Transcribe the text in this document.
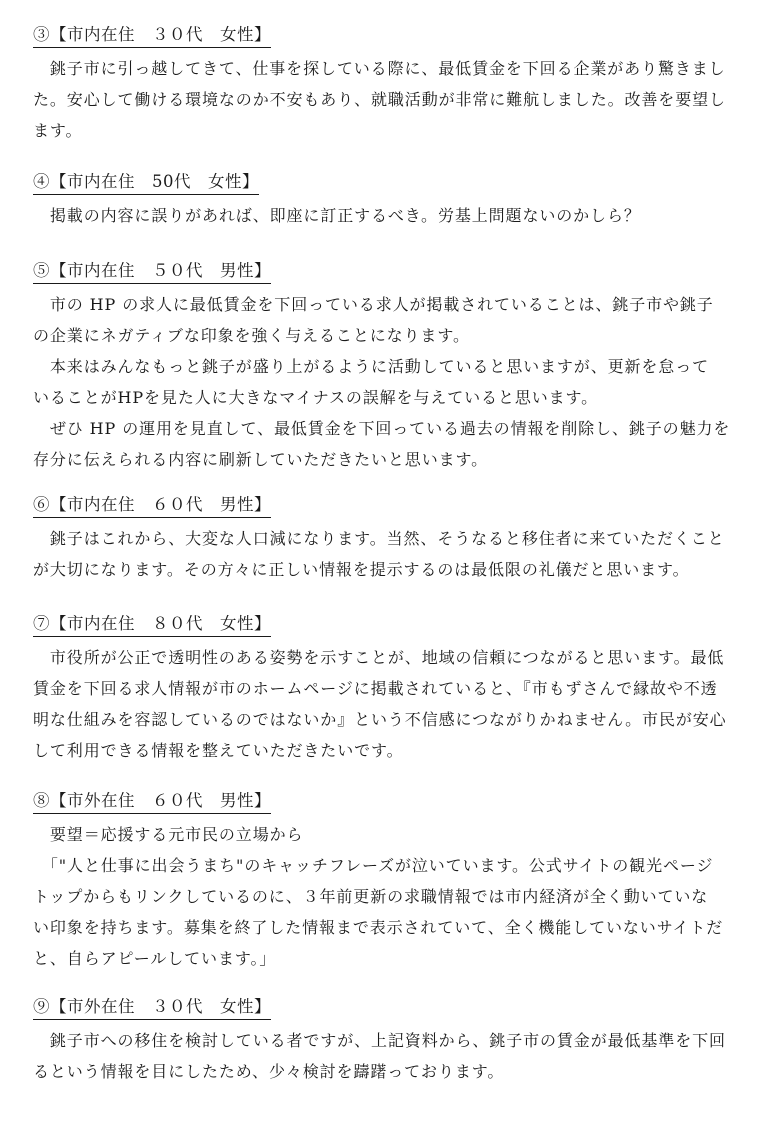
③【市内在住　３０代　女性】
　銚子市に引っ越してきて、仕事を探している際に、最低賃金を下回る企業があり驚きまし
た。安心して働ける環境なのか不安もあり、就職活動が非常に難航しました。改善を要望し
ます。
④【市内在住　50代　女性】
　掲載の内容に誤りがあれば、即座に訂正するべき。労基上問題ないのかしら？
⑤【市内在住　５０代　男性】
　市の HP の求人に最低賃金を下回っている求人が掲載されていることは、銚子市や銚子
の企業にネガティブな印象を強く与えることになります。
　本来はみんなもっと銚子が盛り上がるように活動していると思いますが、更新を怠って
いることがHPを見た人に大きなマイナスの誤解を与えていると思います。
　ぜひ HP の運用を見直して、最低賃金を下回っている過去の情報を削除し、銚子の魅力を
存分に伝えられる内容に刷新していただきたいと思います。
⑥【市内在住　６０代　男性】
　銚子はこれから、大変な人口減になります。当然、そうなると移住者に来ていただくこと
が大切になります。その方々に正しい情報を提示するのは最低限の礼儀だと思います。
⑦【市内在住　８０代　女性】
　市役所が公正で透明性のある姿勢を示すことが、地域の信頼につながると思います。最低
賃金を下回る求人情報が市のホームページに掲載されていると、『市もずさんで縁故や不透
明な仕組みを容認しているのではないか』という不信感につながりかねません。市民が安心
して利用できる情報を整えていただきたいです。
⑧【市外在住　６０代　男性】
　要望＝応援する元市民の立場から
　「"人と仕事に出会うまち"のキャッチフレーズが泣いています。公式サイトの観光ページ
トップからもリンクしているのに、３年前更新の求職情報では市内経済が全く動いていな
い印象を持ちます。募集を終了した情報まで表示されていて、全く機能していないサイトだ
と、自らアピールしています。」
⑨【市外在住　３０代　女性】
　銚子市への移住を検討している者ですが、上記資料から、銚子市の賃金が最低基準を下回
るという情報を目にしたため、少々検討を躊躇っております。
